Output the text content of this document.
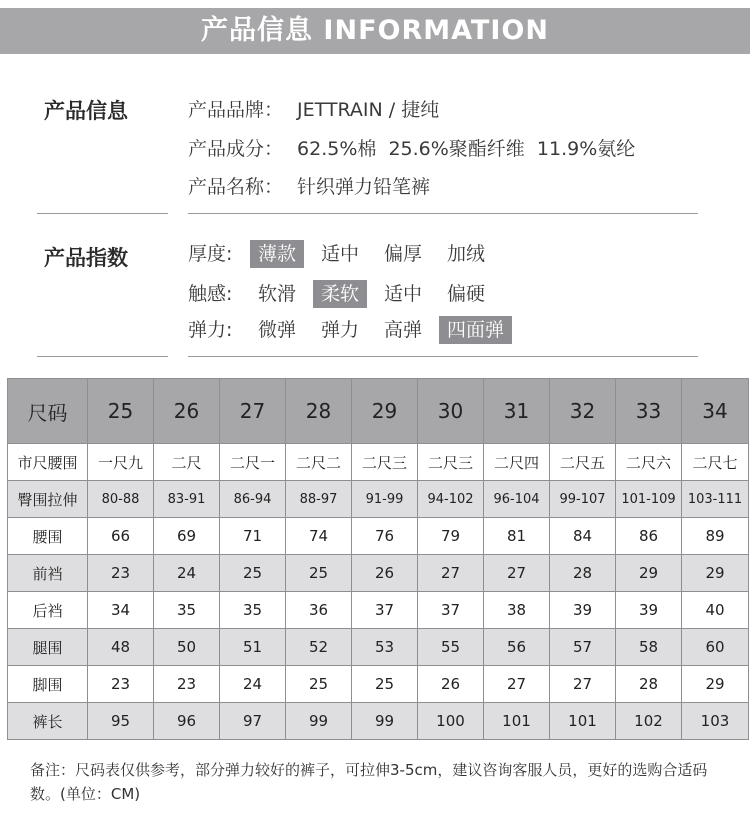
产品信息 INFORMATION
产品信息	产品品牌： JETTRAIN / 捷纯
产品成分： 62.5%棉  25.6%聚酯纤维  11.9%氨纶
产品名称： 针织弹力铅笔裤
产品指数	厚度: 薄款 适中 偏厚 加绒
触感: 软滑 柔软 适中 偏硬
弹力: 微弹 弹力 高弹 四面弹
尺码	25	26	27	28	29	30	31	32	33	34
市尺腰围	一尺九	二尺	二尺一	二尺二	二尺三	二尺三	二尺四	二尺五	二尺六	二尺七
臀围拉伸	80-88	83-91	86-94	88-97	91-99	94-102	96-104	99-107	101-109	103-111
腰围	66	69	71	74	76	79	81	84	86	89
前裆	23	24	25	25	26	27	27	28	29	29
后裆	34	35	35	36	37	37	38	39	39	40
腿围	48	50	51	52	53	55	56	57	58	60
脚围	23	23	24	25	25	26	27	27	28	29
裤长	95	96	97	99	99	100	101	101	102	103
备注：尺码表仅供参考，部分弹力较好的裤子，可拉伸3-5cm，建议咨询客服人员，更好的选购合适码数。(单位：CM)
